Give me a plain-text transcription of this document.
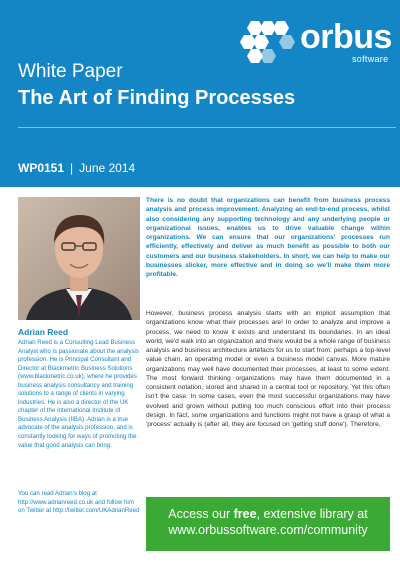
orbus
software
White Paper
The Art of Finding Processes
WP0151 | June 2014
Adrian Reed

Adrian Reed is a Consulting Lead Business Analyst who is passionate about the analysis profession. He is Principal Consultant and Director at Blackmetric Business Solutions (www.blackmetric.co.uk), where he provides business analysis consultancy and training solutions to a range of clients in varying industries. He is also a director of the UK chapter of the International Institute of Business Analysis (IIBA). Adrian is a true advocate of the analysis profession, and is constantly looking for ways of promoting the value that good analysis can bring.

You can read Adrian's blog at http://www.adrianreed.co.uk and follow him on Twitter at http://twitter.com/UKAdrianReed

There is no doubt that organizations can benefit from business process analysis and process improvement. Analyzing an end-to-end process, whilst also considering any supporting technology and any underlying people or organizational issues, enables us to drive valuable change within organizations. We can ensure that our organizations' processes run efficiently, effectively and deliver as much benefit as possible to both our customers and our business stakeholders. In short, we can help to make our businesses slicker, more effective and in doing so we'll make them more profitable.

However, business process analysis starts with an implicit assumption that organizations know what their processes are! In order to analyze and improve a process, we need to know it exists and understand its boundaries. In an ideal world, we'd walk into an organization and there would be a whole range of business analysis and business architecture artefacts for us to start from: perhaps a top-level value chain, an operating model or even a business model canvas. More mature organizations may well have documented their processes, at least to some extent. The most forward thinking organizations may have them documented in a consistent notation, stored and shared in a central tool or repository. Yet this often isn't the case. In some cases, even the most successful organizations may have evolved and grown without putting too much conscious effort into their process design. In fact, some organizations and functions might not have a grasp of what a 'process' actually is (after all, they are focused on 'getting stuff done'). Therefore,

Access our free, extensive library at
www.orbussoftware.com/community
